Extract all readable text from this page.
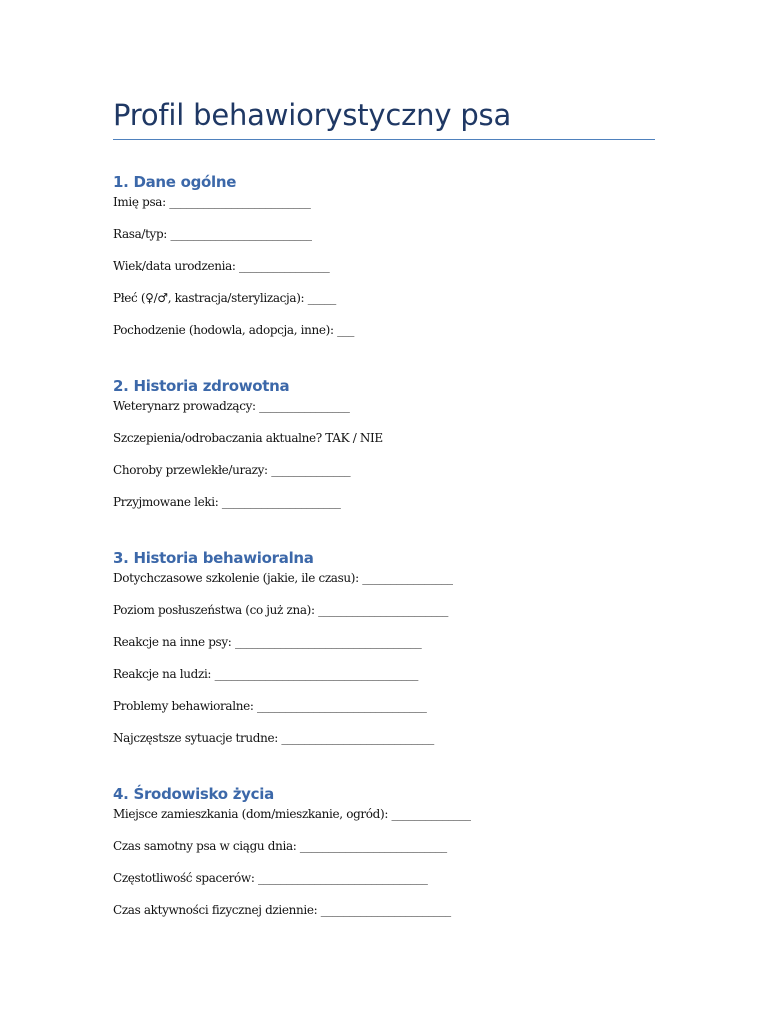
Profil behawiorystyczny psa
1. Dane ogólne

Imię psa: _________________________

Rasa/typ: _________________________

Wiek/data urodzenia: ________________

Płeć (♀/♂, kastracja/sterylizacja): _____

Pochodzenie (hodowla, adopcja, inne): ___

2. Historia zdrowotna

Weterynarz prowadzący: ________________

Szczepienia/odrobaczania aktualne? TAK / NIE

Choroby przewlekłe/urazy: ______________

Przyjmowane leki: _____________________

3. Historia behawioralna

Dotychczasowe szkolenie (jakie, ile czasu): ________________

Poziom posłuszeństwa (co już zna): _______________________

Reakcje na inne psy: _________________________________

Reakcje na ludzi: ____________________________________

Problemy behawioralne: ______________________________

Najczęstsze sytuacje trudne: ___________________________

4. Środowisko życia

Miejsce zamieszkania (dom/mieszkanie, ogród): ______________

Czas samotny psa w ciągu dnia: __________________________

Częstotliwość spacerów: ______________________________

Czas aktywności fizycznej dziennie: _______________________
